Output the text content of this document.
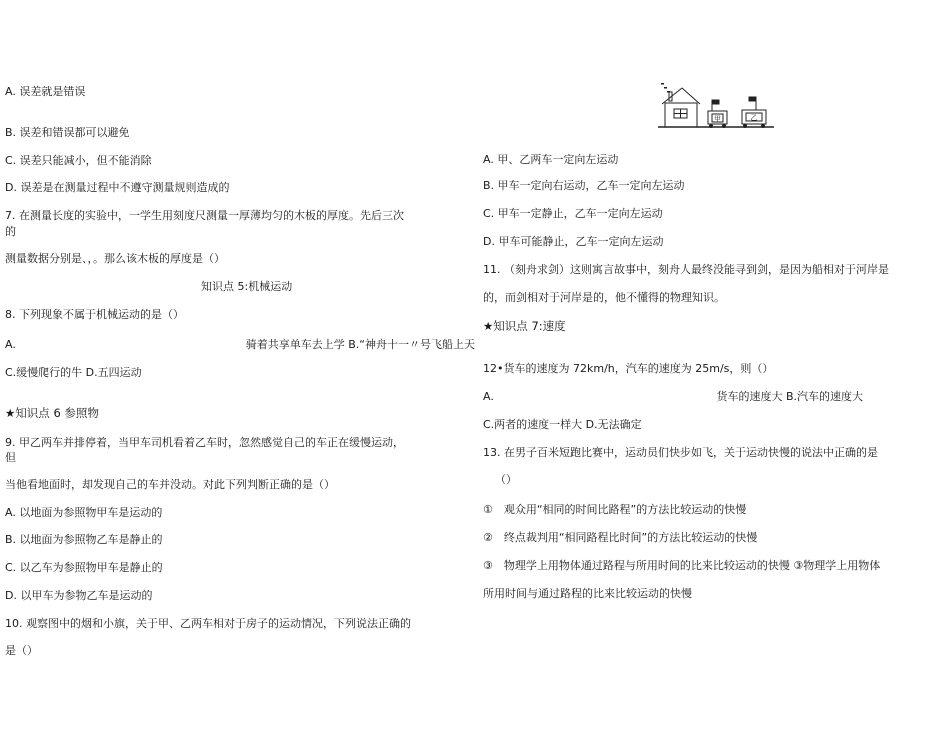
A. 误差就是错误
B. 误差和错误都可以避免
C. 误差只能减小，但不能消除
D. 误差是在测量过程中不遵守测量规则造成的
7. 在测量长度的实验中，一学生用刻度尺测量一厚薄均匀的木板的厚度。先后三次
的
测量数据分别是、，。那么该木板的厚度是（）
知识点 5:机械运动
8. 下列现象不属于机械运动的是（）
A.	骑着共享单车去上学 B.“神舟十一〃号飞船上天
C.缓慢爬行的牛 D.五四运动
★知识点 6 参照物
9. 甲乙两车并排停着，当甲车司机看着乙车时，忽然感觉自己的车正在缓慢运动，
但
当他看地面时，却发现自己的车并没动。对此下列判断正确的是（）
A. 以地面为参照物甲车是运动的
B. 以地面为参照物乙车是静止的
C. 以乙车为参照物甲车是静止的
D. 以甲车为参物乙车是运动的
10. 观察图中的烟和小旗，关于甲、乙两车相对于房子的运动情况，下列说法正确的
是（）
甲	乙
A. 甲、乙两车一定向左运动
B. 甲车一定向右运动，乙车一定向左运动
C. 甲车一定静止，乙车一定向左运动
D. 甲车可能静止，乙车一定向左运动
11. （刻舟求剑）这则寓言故事中，刻舟人最终没能寻到剑，是因为船相对于河岸是
的，而剑相对于河岸是的，他不懂得的物理知识。
★知识点 7:速度
12•货车的速度为 72km/h，汽车的速度为 25m/s，则（）
A.	货车的速度大 B.汽车的速度大
C.两者的速度一样大 D.无法确定
13. 在男子百米短跑比赛中，运动员们快步如飞，关于运动快慢的说法中正确的是
（）
①　观众用“相同的时间比路程”的方法比较运动的快慢
②　终点裁判用“相同路程比时间”的方法比较运动的快慢
③　物理学上用物体通过路程与所用时间的比来比较运动的快慢 ③物理学上用物体
所用时间与通过路程的比来比较运动的快慢
